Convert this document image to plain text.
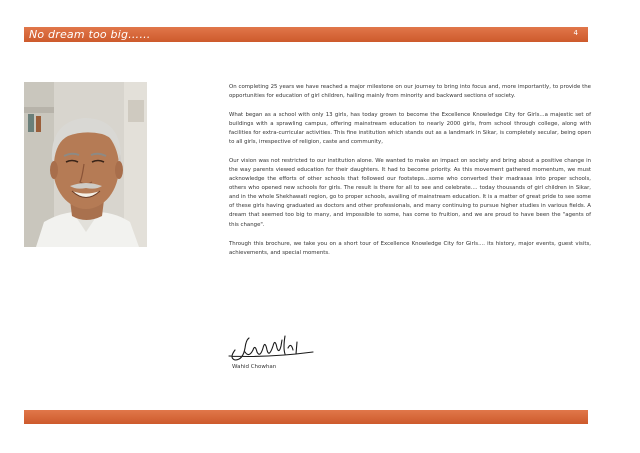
No dream too big……	4

On completing 25 years we have reached a major milestone on our journey to bring into focus and, more importantly, to provide the opportunities for education of girl children, hailing mainly from minority and backward sections of society.

What began as a school with only 13 girls, has today grown to become the Excellence Knowledge City for Girls...a majestic set of buildings with a sprawling campus, offering mainstream education to nearly 2000 girls, from school through college, along with facilities for extra-curricular activities. This fine institution which stands out as a landmark in Sikar, is completely secular, being open to all girls, irrespective of religion, caste and community,

Our vision was not restricted to our institution alone. We wanted to make an impact on society and bring about a positive change in the way parents viewed education for their daughters. It had to become priority. As this movement gathered momentum, we must acknowledge the efforts of other schools that followed our footsteps...some who converted their madrasas into proper schools, others who opened new schools for girls. The result is there for all to see and celebrate.... today thousands of girl children in Sikar, and in the whole Shekhawati region, go to proper schools, availing of mainstream education. It is a matter of great pride to see some of these girls having graduated as doctors and other professionals, and many continuing to pursue higher studies in various fields. A dream that seemed too big to many, and impossible to some, has come to fruition, and we are proud to have been the "agents of this change".

Through this brochure, we take you on a short tour of Excellence Knowledge City for Girls.... its history, major events, guest visits, achievements, and special moments.

Wahid Chowhan
